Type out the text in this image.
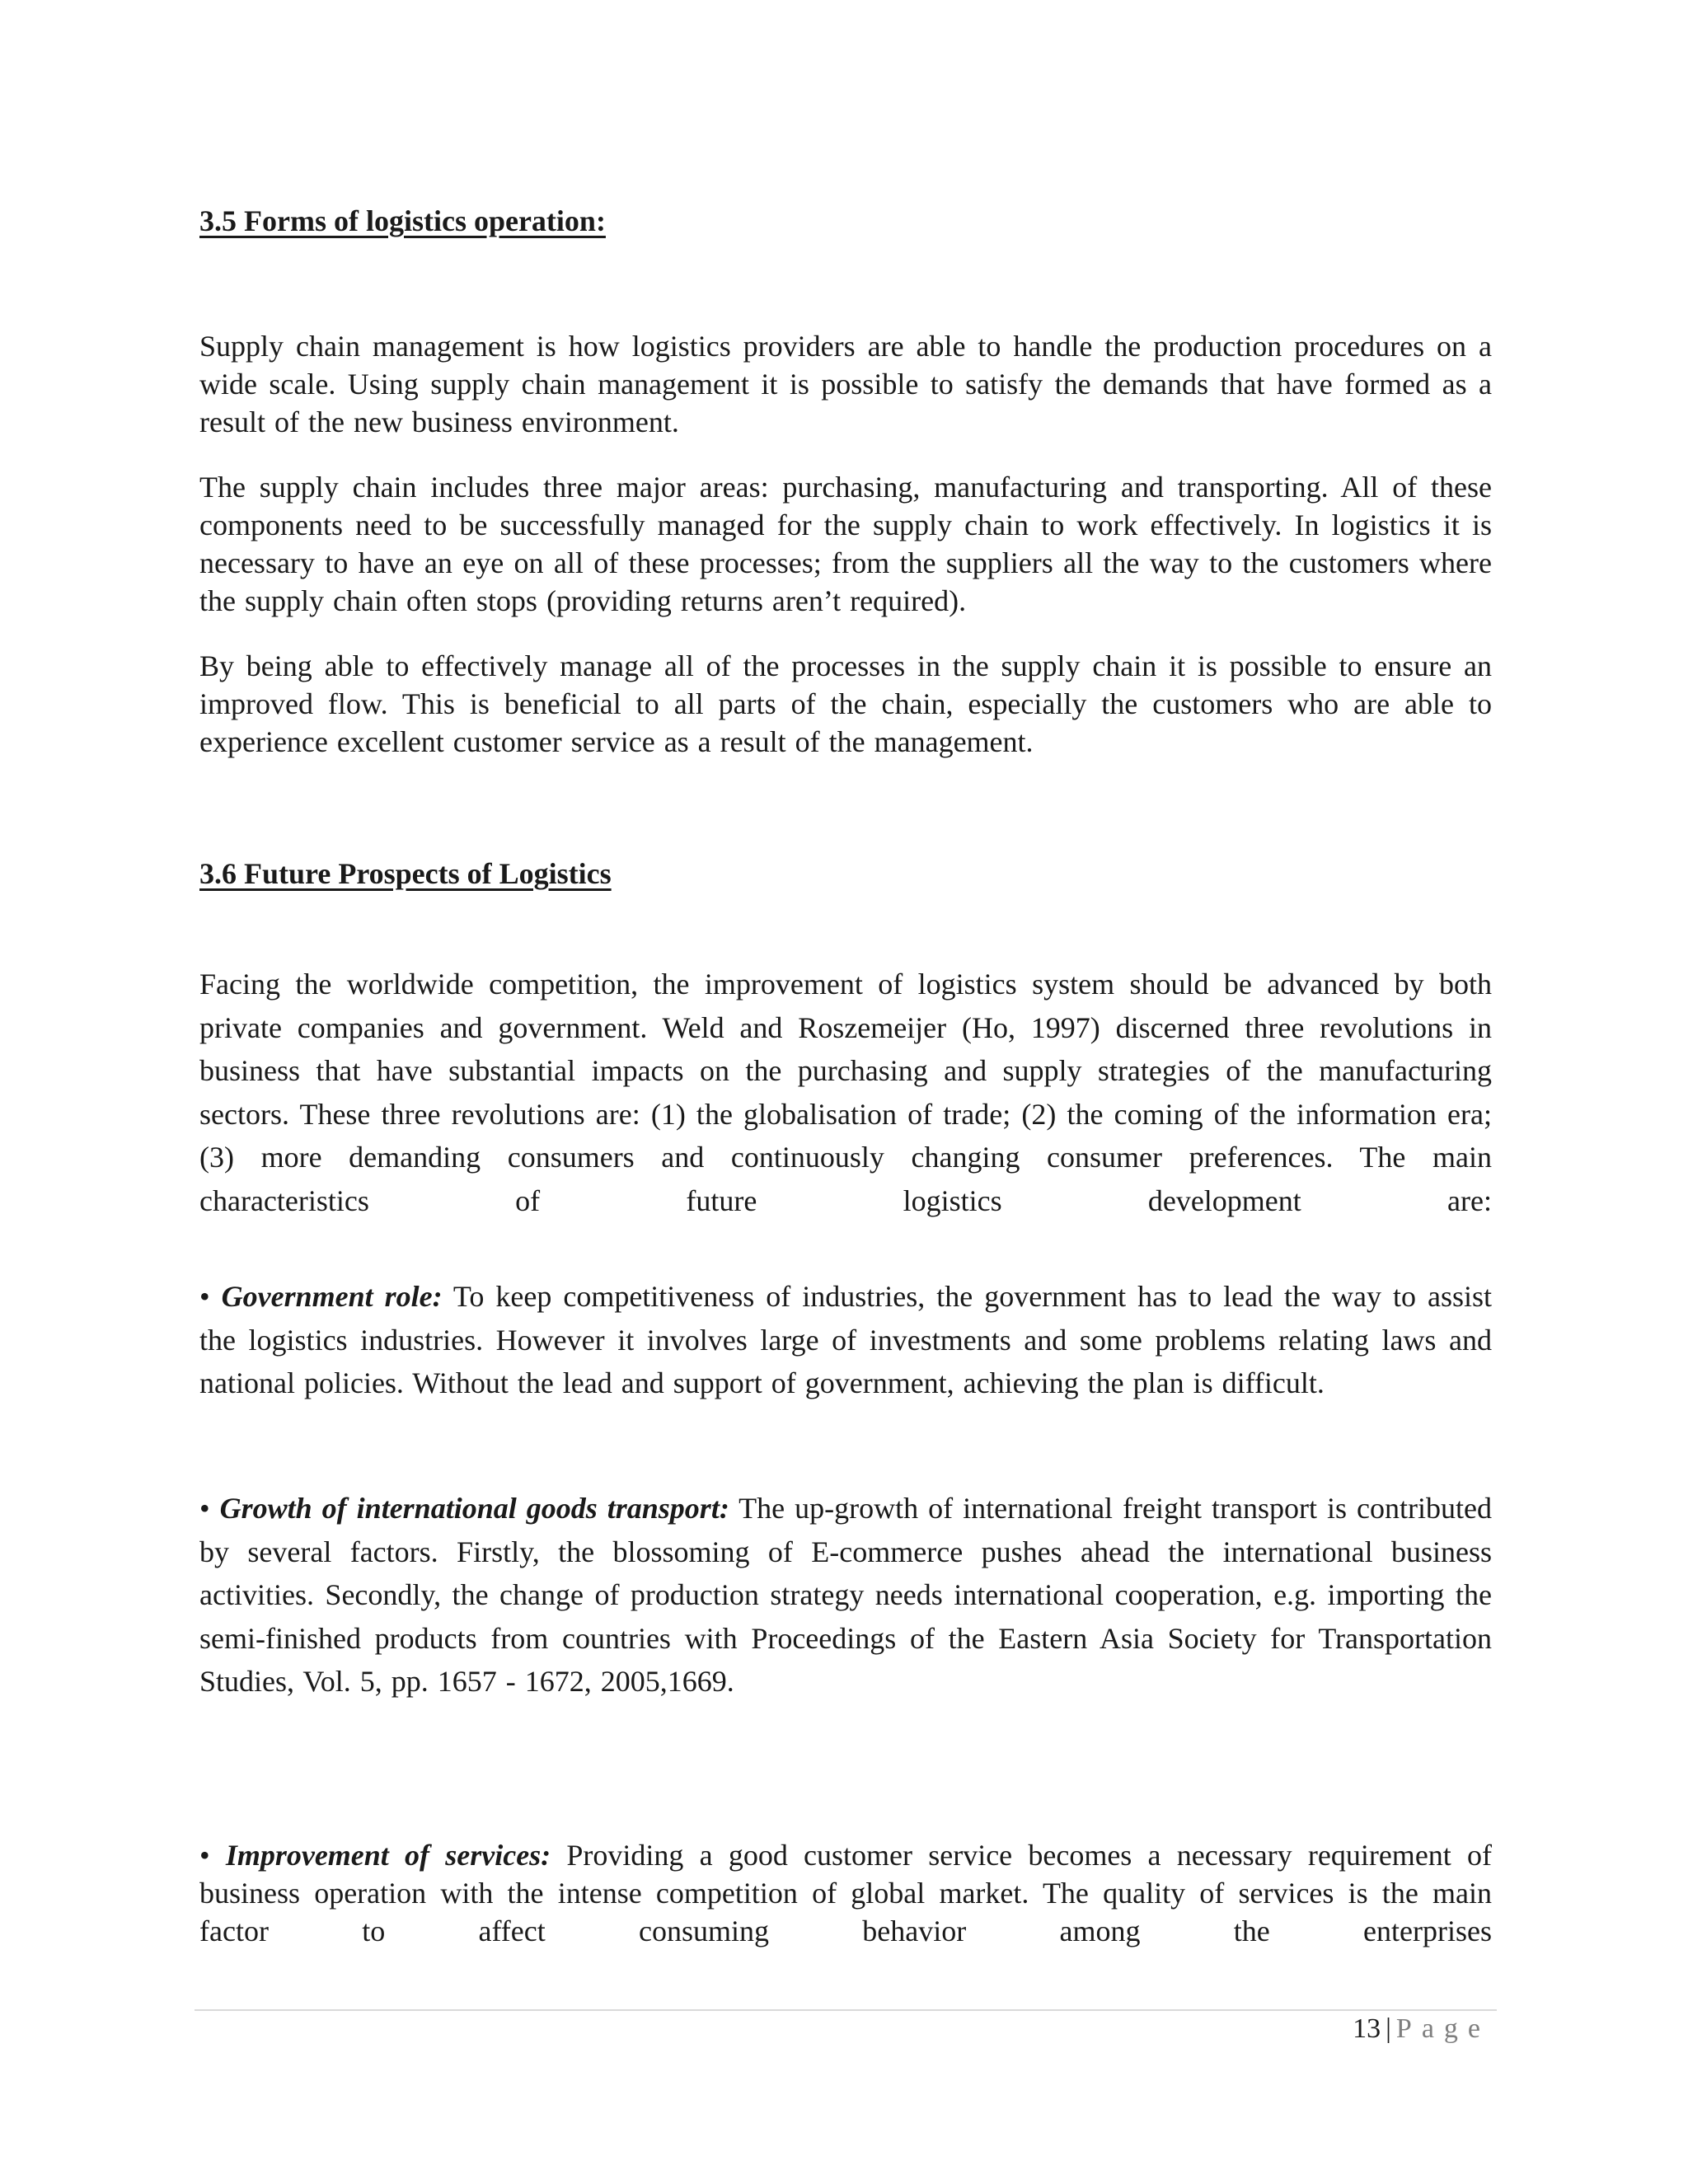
3.5 Forms of logistics operation:

Supply chain management is how logistics providers are able to handle the production procedures on a wide scale. Using supply chain management it is possible to satisfy the demands that have formed as a result of the new business environment.

The supply chain includes three major areas: purchasing, manufacturing and transporting. All of these components need to be successfully managed for the supply chain to work effectively. In logistics it is necessary to have an eye on all of these processes; from the suppliers all the way to the customers where the supply chain often stops (providing returns aren’t required).

By being able to effectively manage all of the processes in the supply chain it is possible to ensure an improved flow. This is beneficial to all parts of the chain, especially the customers who are able to experience excellent customer service as a result of the management.

3.6 Future Prospects of Logistics

Facing the worldwide competition, the improvement of logistics system should be advanced by both private companies and government. Weld and Roszemeijer (Ho, 1997) discerned three revolutions in business that have substantial impacts on the purchasing and supply strategies of the manufacturing sectors. These three revolutions are: (1) the globalisation of trade; (2) the coming of the information era; (3) more demanding consumers and continuously changing consumer preferences. The main characteristics of future logistics development are:

• Government role: To keep competitiveness of industries, the government has to lead the way to assist the logistics industries. However it involves large of investments and some problems relating laws and national policies. Without the lead and support of government, achieving the plan is difficult.

• Growth of international goods transport: The up-growth of international freight transport is contributed by several factors. Firstly, the blossoming of E-commerce pushes ahead the international business activities. Secondly, the change of production strategy needs international cooperation, e.g. importing the semi-finished products from countries with Proceedings of the Eastern Asia Society for Transportation Studies, Vol. 5, pp. 1657 - 1672, 2005,1669.

• Improvement of services: Providing a good customer service becomes a necessary requirement of business operation with the intense competition of global market. The quality of services is the main factor to affect consuming behavior among the enterprises

13 | Page
